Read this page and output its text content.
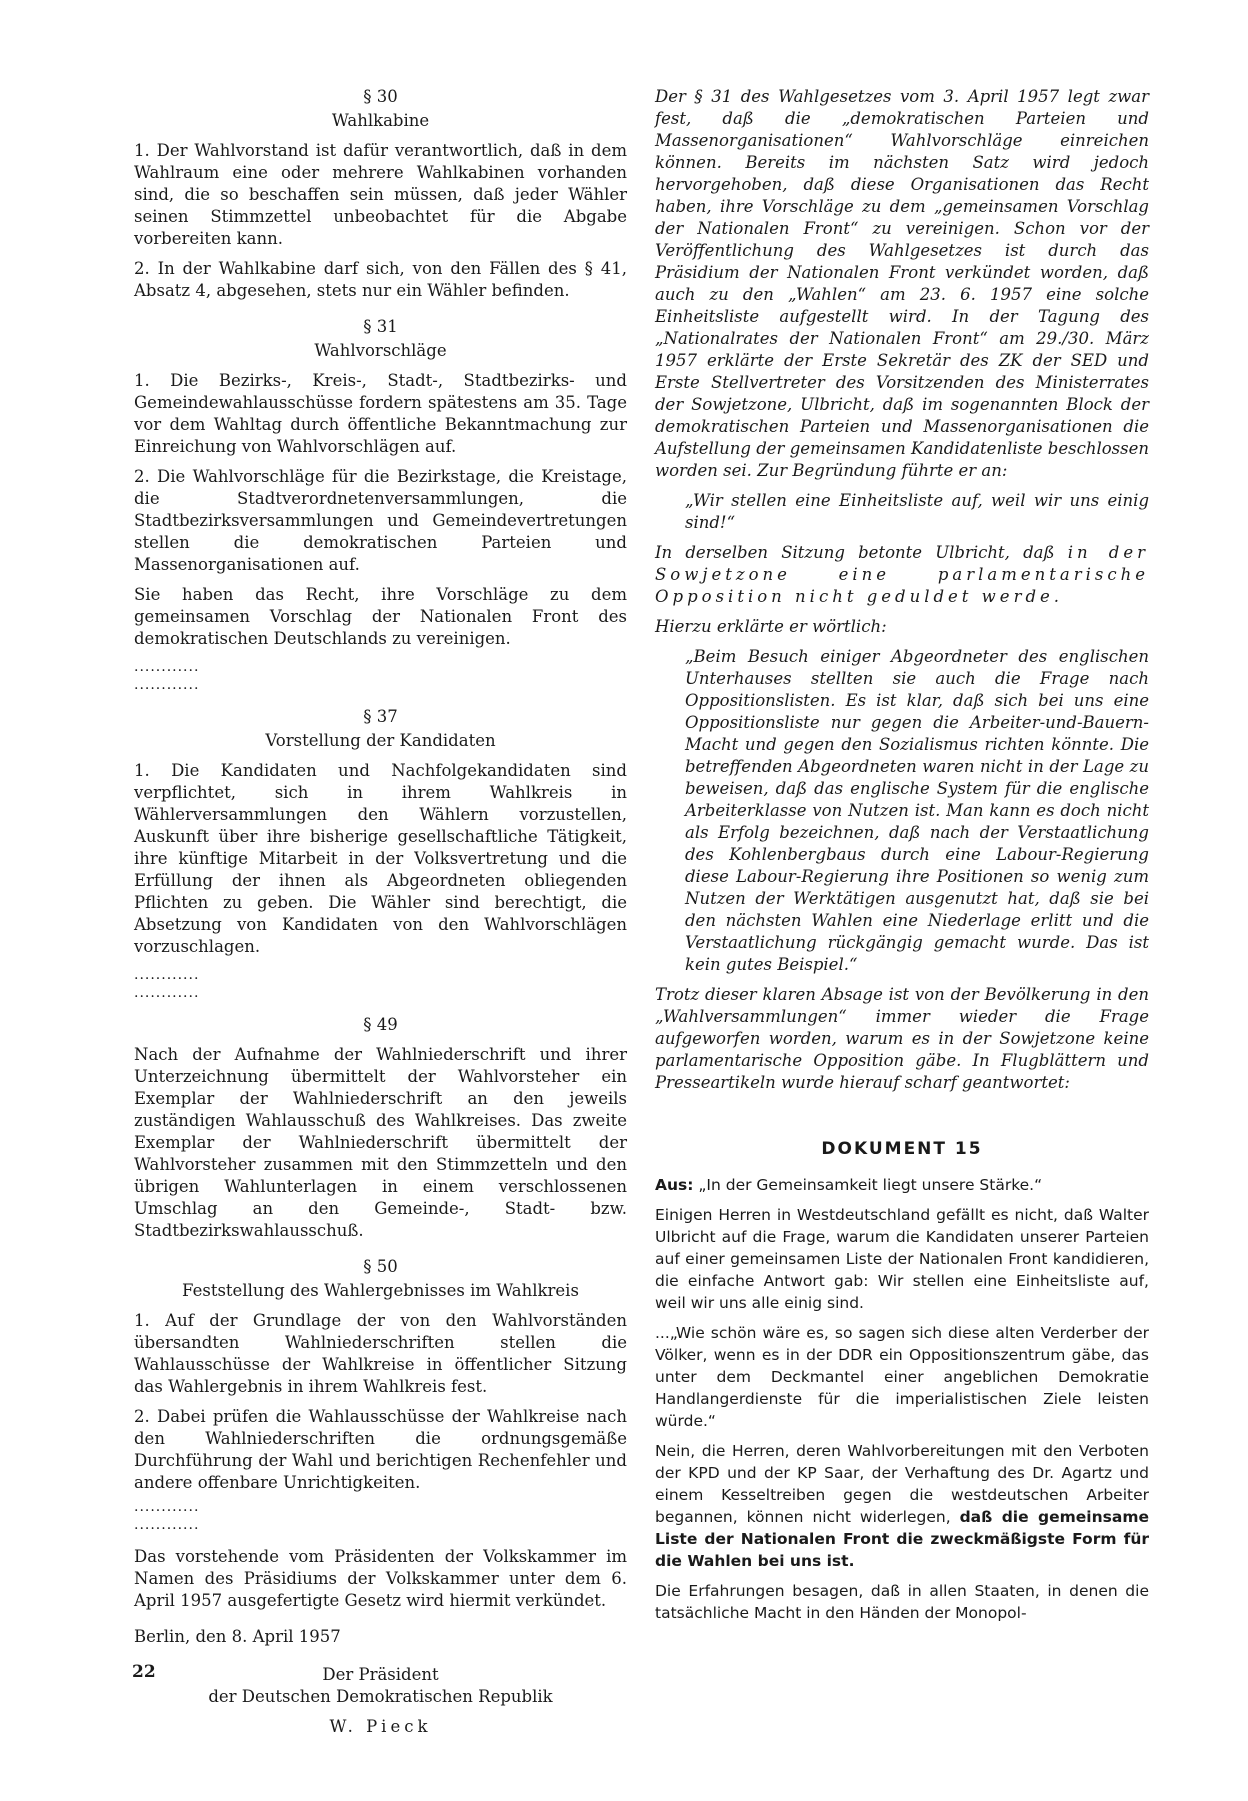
§ 30
Wahlkabine

1. Der Wahlvorstand ist dafür verantwortlich, daß in dem Wahlraum eine oder mehrere Wahlkabinen vorhanden sind, die so beschaffen sein müssen, daß jeder Wähler seinen Stimmzettel unbeobachtet für die Abgabe vorbereiten kann.

2. In der Wahlkabine darf sich, von den Fällen des § 41, Absatz 4, abgesehen, stets nur ein Wähler befinden.

§ 31
Wahlvorschläge

1. Die Bezirks-, Kreis-, Stadt-, Stadtbezirks- und Gemeindewahlausschüsse fordern spätestens am 35. Tage vor dem Wahltag durch öffentliche Bekanntmachung zur Einreichung von Wahlvorschlägen auf.

2. Die Wahlvorschläge für die Bezirkstage, die Kreistage, die Stadtverordnetenversammlungen, die Stadtbezirksversammlungen und Gemeindevertretungen stellen die demokratischen Parteien und Massenorganisationen auf.

Sie haben das Recht, ihre Vorschläge zu dem gemeinsamen Vorschlag der Nationalen Front des demokratischen Deutschlands zu vereinigen.

............
............
§ 37
Vorstellung der Kandidaten

1. Die Kandidaten und Nachfolgekandidaten sind verpflichtet, sich in ihrem Wahlkreis in Wählerversammlungen den Wählern vorzustellen, Auskunft über ihre bisherige gesellschaftliche Tätigkeit, ihre künftige Mitarbeit in der Volksvertretung und die Erfüllung der ihnen als Abgeordneten obliegenden Pflichten zu geben. Die Wähler sind berechtigt, die Absetzung von Kandidaten von den Wahlvorschlägen vorzuschlagen.

............
............
§ 49

Nach der Aufnahme der Wahlniederschrift und ihrer Unterzeichnung übermittelt der Wahlvorsteher ein Exemplar der Wahlniederschrift an den jeweils zuständigen Wahlausschuß des Wahlkreises. Das zweite Exemplar der Wahlniederschrift übermittelt der Wahlvorsteher zusammen mit den Stimmzetteln und den übrigen Wahlunterlagen in einem verschlossenen Umschlag an den Gemeinde-, Stadt- bzw. Stadtbezirkswahlausschuß.

§ 50
Feststellung des Wahlergebnisses im Wahlkreis

1. Auf der Grundlage der von den Wahlvorständen übersandten Wahlniederschriften stellen die Wahlausschüsse der Wahlkreise in öffentlicher Sitzung das Wahlergebnis in ihrem Wahlkreis fest.

2. Dabei prüfen die Wahlausschüsse der Wahlkreise nach den Wahlniederschriften die ordnungsgemäße Durchführung der Wahl und berichtigen Rechenfehler und andere offenbare Unrichtigkeiten.

............
............

Das vorstehende vom Präsidenten der Volkskammer im Namen des Präsidiums der Volkskammer unter dem 6. April 1957 ausgefertigte Gesetz wird hiermit verkündet.

Berlin, den 8. April 1957

Der Präsident
der Deutschen Demokratischen Republik
W. Pieck

Der § 31 des Wahlgesetzes vom 3. April 1957 legt zwar fest, daß die „demokratischen Parteien und Massenorganisationen“ Wahlvorschläge einreichen können. Bereits im nächsten Satz wird jedoch hervorgehoben, daß diese Organisationen das Recht haben, ihre Vorschläge zu dem „gemeinsamen Vorschlag der Nationalen Front“ zu vereinigen. Schon vor der Veröffentlichung des Wahlgesetzes ist durch das Präsidium der Nationalen Front verkündet worden, daß auch zu den „Wahlen“ am 23. 6. 1957 eine solche Einheitsliste aufgestellt wird. In der Tagung des „Nationalrates der Nationalen Front“ am 29./30. März 1957 erklärte der Erste Sekretär des ZK der SED und Erste Stellvertreter des Vorsitzenden des Ministerrates der Sowjetzone, Ulbricht, daß im sogenannten Block der demokratischen Parteien und Massenorganisationen die Aufstellung der gemeinsamen Kandidatenliste beschlossen worden sei. Zur Begründung führte er an:

„Wir stellen eine Einheitsliste auf, weil wir uns einig sind!“

In derselben Sitzung betonte Ulbricht, daß in der Sowjetzone eine parlamentarische Opposition nicht geduldet werde.

Hierzu erklärte er wörtlich:

„Beim Besuch einiger Abgeordneter des englischen Unterhauses stellten sie auch die Frage nach Oppositionslisten. Es ist klar, daß sich bei uns eine Oppositionsliste nur gegen die Arbeiter-und-Bauern-Macht und gegen den Sozialismus richten könnte. Die betreffenden Abgeordneten waren nicht in der Lage zu beweisen, daß das englische System für die englische Arbeiterklasse von Nutzen ist. Man kann es doch nicht als Erfolg bezeichnen, daß nach der Verstaatlichung des Kohlenbergbaus durch eine Labour-Regierung diese Labour-Regierung ihre Positionen so wenig zum Nutzen der Werktätigen ausgenutzt hat, daß sie bei den nächsten Wahlen eine Niederlage erlitt und die Verstaatlichung rückgängig gemacht wurde. Das ist kein gutes Beispiel.“

Trotz dieser klaren Absage ist von der Bevölkerung in den „Wahlversammlungen“ immer wieder die Frage aufgeworfen worden, warum es in der Sowjetzone keine parlamentarische Opposition gäbe. In Flugblättern und Presseartikeln wurde hierauf scharf geantwortet:

DOKUMENT 15

Aus: „In der Gemeinsamkeit liegt unsere Stärke.“

Einigen Herren in Westdeutschland gefällt es nicht, daß Walter Ulbricht auf die Frage, warum die Kandidaten unserer Parteien auf einer gemeinsamen Liste der Nationalen Front kandidieren, die einfache Antwort gab: Wir stellen eine Einheitsliste auf, weil wir uns alle einig sind.

...„Wie schön wäre es, so sagen sich diese alten Verderber der Völker, wenn es in der DDR ein Oppositionszentrum gäbe, das unter dem Deckmantel einer angeblichen Demokratie Handlangerdienste für die imperialistischen Ziele leisten würde.“

Nein, die Herren, deren Wahlvorbereitungen mit den Verboten der KPD und der KP Saar, der Verhaftung des Dr. Agartz und einem Kesseltreiben gegen die westdeutschen Arbeiter begannen, können nicht widerlegen, daß die gemeinsame Liste der Nationalen Front die zweckmäßigste Form für die Wahlen bei uns ist.

Die Erfahrungen besagen, daß in allen Staaten, in denen die tatsächliche Macht in den Händen der Monopol-

22
